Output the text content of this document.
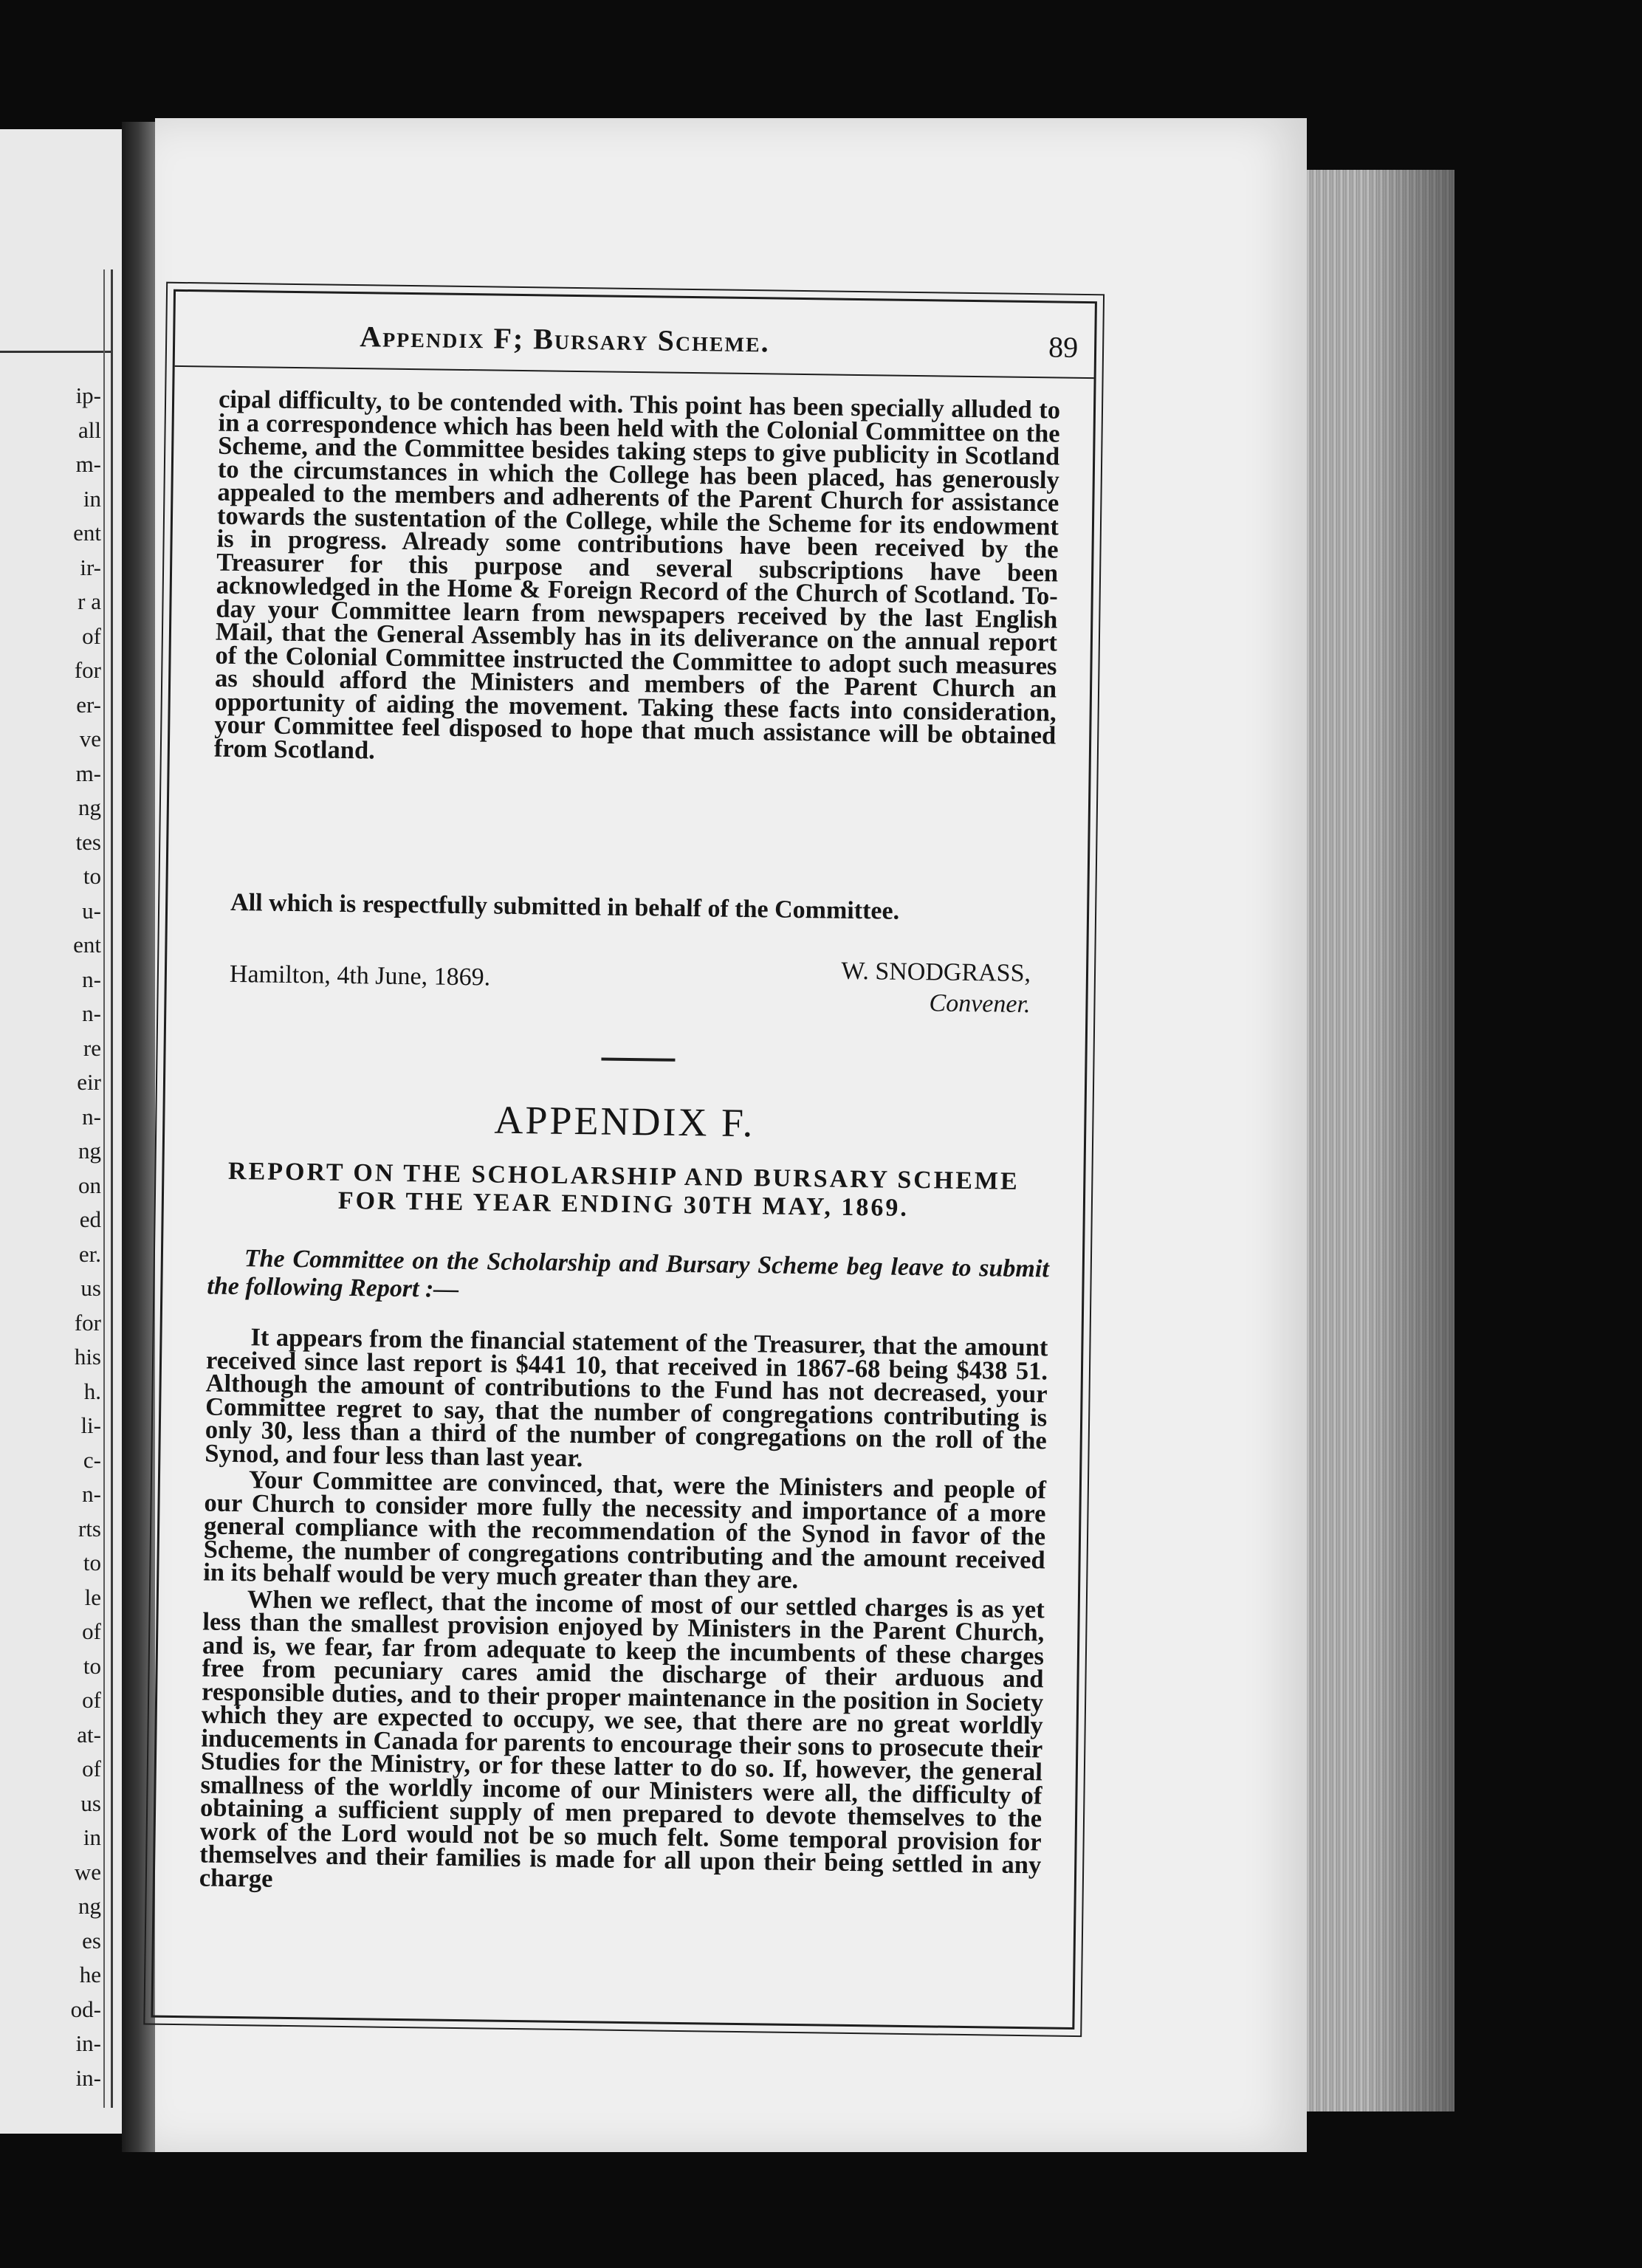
ip-
all
m-
in
ent
ir-
r a
of
for
er-
ve
m-
ng
tes
to
u-
ent
n-
n-
re
eir
n-
ng
on
ed
er.
us
for
his
h.
li-
c-
n-
rts
to
le
of
to
of
at-
of
us
in
we
ng
es
he
od-
in-
in-
Appendix F; Bursary Scheme.	89

cipal difficulty, to be contended with. This point has been specially alluded to in a correspondence which has been held with the Colonial Committee on the Scheme, and the Committee besides taking steps to give publicity in Scotland to the circumstances in which the College has been placed, has generously appealed to the members and adherents of the Parent Church for assistance towards the sustentation of the College, while the Scheme for its endowment is in progress. Already some contributions have been received by the Treasurer for this purpose and several subscriptions have been acknowledged in the Home & Foreign Record of the Church of Scotland. To-day your Committee learn from newspapers received by the last English Mail, that the General Assembly has in its deliverance on the annual report of the Colonial Committee instructed the Committee to adopt such measures as should afford the Ministers and members of the Parent Church an opportunity of aiding the movement. Taking these facts into consideration, your Committee feel disposed to hope that much assistance will be obtained from Scotland.

All which is respectfully submitted in behalf of the Committee.
Hamilton, 4th June, 1869.	W. SNODGRASS,
Convener.
APPENDIX F.
REPORT ON THE SCHOLARSHIP AND BURSARY SCHEME
FOR THE YEAR ENDING 30TH MAY, 1869.
The Committee on the Scholarship and Bursary Scheme beg leave to submit the following Report :—

It appears from the financial statement of the Treasurer, that the amount received since last report is $441 10, that received in 1867-68 being $438 51. Although the amount of contributions to the Fund has not decreased, your Committee regret to say, that the number of congregations contributing is only 30, less than a third of the number of congregations on the roll of the Synod, and four less than last year.

Your Committee are convinced, that, were the Ministers and people of our Church to consider more fully the necessity and importance of a more general compliance with the recommendation of the Synod in favor of the Scheme, the number of congregations contributing and the amount received in its behalf would be very much greater than they are.

When we reflect, that the income of most of our settled charges is as yet less than the smallest provision enjoyed by Ministers in the Parent Church, and is, we fear, far from adequate to keep the incumbents of these charges free from pecuniary cares amid the discharge of their arduous and responsible duties, and to their proper maintenance in the position in Society which they are expected to occupy, we see, that there are no great worldly inducements in Canada for parents to encourage their sons to prosecute their Studies for the Ministry, or for these latter to do so. If, however, the general smallness of the worldly income of our Ministers were all, the difficulty of obtaining a sufficient supply of men prepared to devote themselves to the work of the Lord would not be so much felt. Some temporal provision for themselves and their families is made for all upon their being settled in any charge
